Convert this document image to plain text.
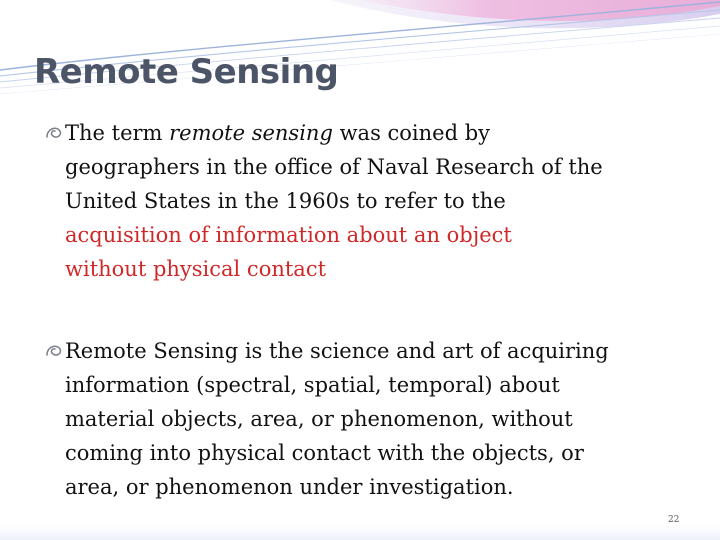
Remote Sensing
The term remote sensing was coined by
geographers in the office of Naval Research of the
United States in the 1960s to refer to the
acquisition of information about an object
without physical contact
Remote Sensing is the science and art of acquiring
information (spectral, spatial, temporal) about
material objects, area, or phenomenon, without
coming into physical contact with the objects, or
area, or phenomenon under investigation.
22
